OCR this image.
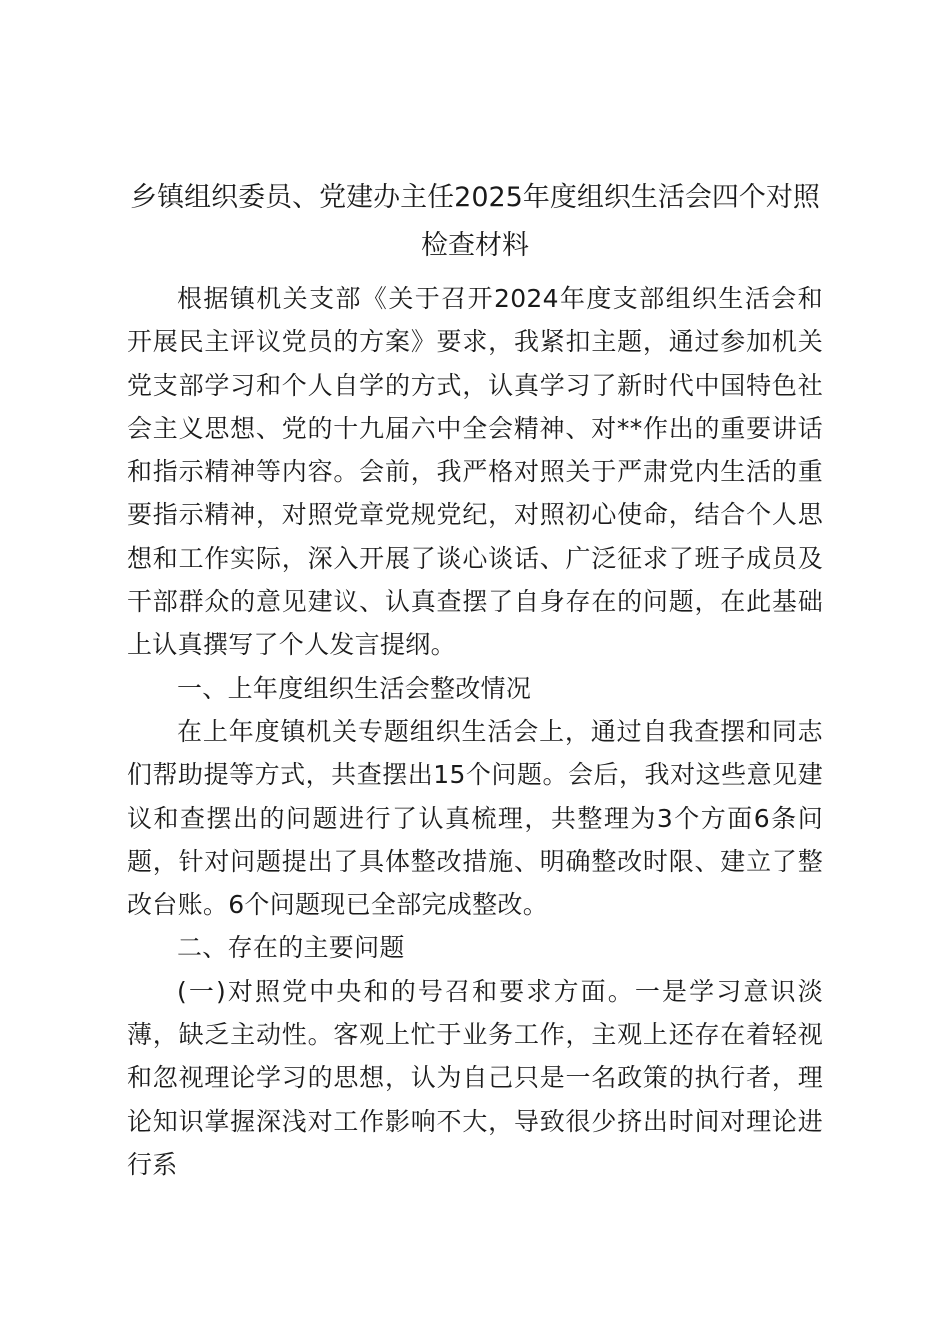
乡镇组织委员、党建办主任2025年度组织生活会四个对照检查材料

根据镇机关支部《关于召开2024年度支部组织生活会和开展民主评议党员的方案》要求，我紧扣主题，通过参加机关党支部学习和个人自学的方式，认真学习了新时代中国特色社会主义思想、党的十九届六中全会精神、对**作出的重要讲话和指示精神等内容。会前，我严格对照关于严肃党内生活的重要指示精神，对照党章党规党纪，对照初心使命，结合个人思想和工作实际，深入开展了谈心谈话、广泛征求了班子成员及干部群众的意见建议、认真查摆了自身存在的问题，在此基础上认真撰写了个人发言提纲。

一、上年度组织生活会整改情况

在上年度镇机关专题组织生活会上，通过自我查摆和同志们帮助提等方式，共查摆出15个问题。会后，我对这些意见建议和查摆出的问题进行了认真梳理，共整理为3个方面6条问题，针对问题提出了具体整改措施、明确整改时限、建立了整改台账。6个问题现已全部完成整改。

二、存在的主要问题

(一)对照党中央和的号召和要求方面。一是学习意识淡薄，缺乏主动性。客观上忙于业务工作，主观上还存在着轻视和忽视理论学习的思想，认为自己只是一名政策的执行者，理论知识掌握深浅对工作影响不大，导致很少挤出时间对理论进行系
